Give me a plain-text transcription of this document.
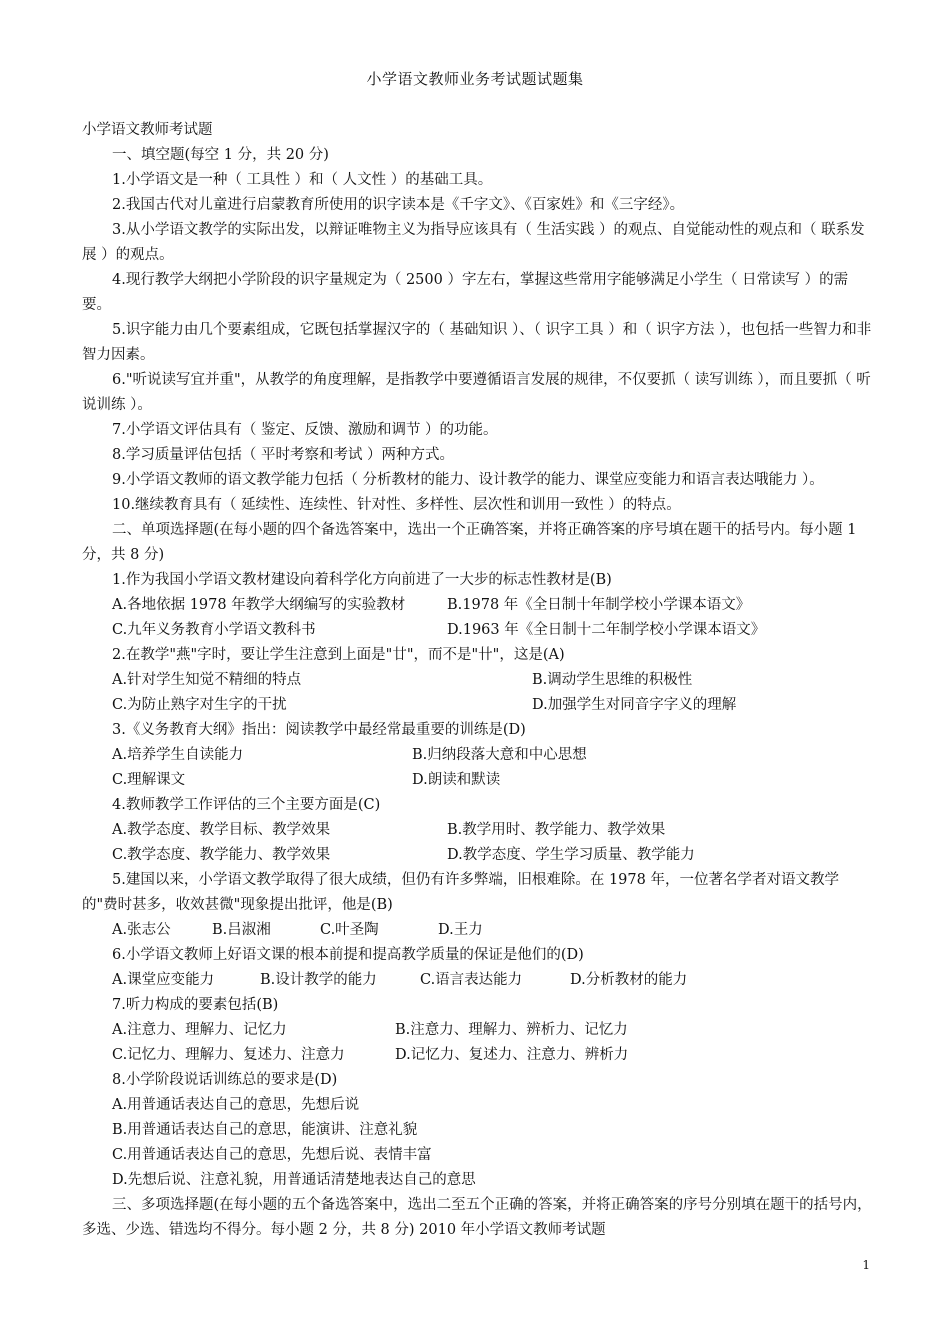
小学语文教师业务考试题试题集
小学语文教师考试题
一、填空题(每空 1 分，共 20 分)
1.小学语文是一种（ 工具性 ）和（ 人文性 ）的基础工具。
2.我国古代对儿童进行启蒙教育所使用的识字读本是《千字文》、《百家姓》和《三字经》。
3.从小学语文教学的实际出发，以辩证唯物主义为指导应该具有（ 生活实践 ）的观点、自觉能动性的观点和（ 联系发展 ）的观点。
4.现行教学大纲把小学阶段的识字量规定为（ 2500 ）字左右，掌握这些常用字能够满足小学生（ 日常读写 ）的需要。
5.识字能力由几个要素组成，它既包括掌握汉字的（ 基础知识 ）、（ 识字工具 ）和（ 识字方法 ），也包括一些智力和非智力因素。
6."听说读写宜并重"，从教学的角度理解，是指教学中要遵循语言发展的规律，不仅要抓（ 读写训练 ），而且要抓（ 听说训练 ）。
7.小学语文评估具有（ 鉴定、反馈、激励和调节 ）的功能。
8.学习质量评估包括（ 平时考察和考试 ）两种方式。
9.小学语文教师的语文教学能力包括（ 分析教材的能力、设计教学的能力、课堂应变能力和语言表达哦能力 ）。
10.继续教育具有（ 延续性、连续性、针对性、多样性、层次性和训用一致性 ）的特点。
二、单项选择题(在每小题的四个备选答案中，选出一个正确答案，并将正确答案的序号填在题干的括号内。每小题 1 分，共 8 分)
1.作为我国小学语文教材建设向着科学化方向前进了一大步的标志性教材是(B)
A.各地依据 1978 年教学大纲编写的实验教材	B.1978 年《全日制十年制学校小学课本语文》
C.九年义务教育小学语文教科书	D.1963 年《全日制十二年制学校小学课本语文》
2.在教学"燕"字时，要让学生注意到上面是"廿"，而不是"卄"，这是(A)
A.针对学生知觉不精细的特点	B.调动学生思维的积极性
C.为防止熟字对生字的干扰	D.加强学生对同音字字义的理解
3.《义务教育大纲》指出：阅读教学中最经常最重要的训练是(D)
A.培养学生自读能力	B.归纳段落大意和中心思想
C.理解课文	D.朗读和默读
4.教师教学工作评估的三个主要方面是(C)
A.教学态度、教学目标、教学效果	B.教学用时、教学能力、教学效果
C.教学态度、教学能力、教学效果	D.教学态度、学生学习质量、教学能力
5.建国以来，小学语文教学取得了很大成绩，但仍有许多弊端，旧根难除。在 1978 年，一位著名学者对语文教学的"费时甚多，收效甚微"现象提出批评，他是(B)
A.张志公	B.吕淑湘	C.叶圣陶	D.王力
6.小学语文教师上好语文课的根本前提和提高教学质量的保证是他们的(D)
A.课堂应变能力	B.设计教学的能力	C.语言表达能力	D.分析教材的能力
7.听力构成的要素包括(B)
A.注意力、理解力、记忆力	B.注意力、理解力、辨析力、记忆力
C.记忆力、理解力、复述力、注意力	D.记忆力、复述力、注意力、辨析力
8.小学阶段说话训练总的要求是(D)
A.用普通话表达自己的意思，先想后说
B.用普通话表达自己的意思，能演讲、注意礼貌
C.用普通话表达自己的意思，先想后说、表情丰富
D.先想后说、注意礼貌，用普通话清楚地表达自己的意思
三、多项选择题(在每小题的五个备选答案中，选出二至五个正确的答案，并将正确答案的序号分别填在题干的括号内，多选、少选、错选均不得分。每小题 2 分，共 8 分) 2010 年小学语文教师考试题
1
